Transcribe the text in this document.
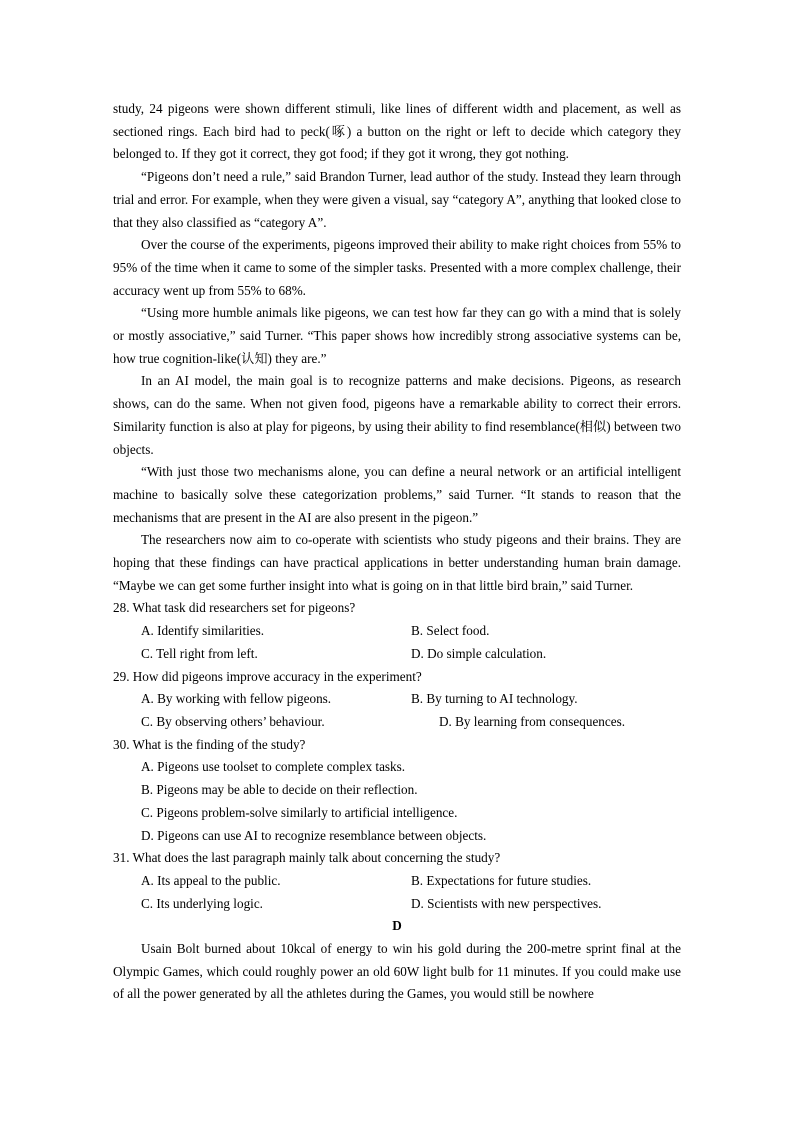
study, 24 pigeons were shown different stimuli, like lines of different width and placement, as well as sectioned rings. Each bird had to peck(啄) a button on the right or left to decide which category they belonged to. If they got it correct, they got food; if they got it wrong, they got nothing.

“Pigeons don’t need a rule,” said Brandon Turner, lead author of the study. Instead they learn through trial and error. For example, when they were given a visual, say “category A”, anything that looked close to that they also classified as “category A”.

Over the course of the experiments, pigeons improved their ability to make right choices from 55% to 95% of the time when it came to some of the simpler tasks. Presented with a more complex challenge, their accuracy went up from 55% to 68%.

“Using more humble animals like pigeons, we can test how far they can go with a mind that is solely or mostly associative,” said Turner. “This paper shows how incredibly strong associative systems can be, how true cognition-like(认知) they are.”

In an AI model, the main goal is to recognize patterns and make decisions. Pigeons, as research shows, can do the same. When not given food, pigeons have a remarkable ability to correct their errors. Similarity function is also at play for pigeons, by using their ability to find resemblance(相似) between two objects.

“With just those two mechanisms alone, you can define a neural network or an artificial intelligent machine to basically solve these categorization problems,” said Turner. “It stands to reason that the mechanisms that are present in the AI are also present in the pigeon.”

The researchers now aim to co-operate with scientists who study pigeons and their brains. They are hoping that these findings can have practical applications in better understanding human brain damage. “Maybe we can get some further insight into what is going on in that little bird brain,” said Turner.

28. What task did researchers set for pigeons?

A. Identify similarities.	B. Select food.
C. Tell right from left.	D. Do simple calculation.

29. How did pigeons improve accuracy in the experiment?

A. By working with fellow pigeons.	B. By turning to AI technology.
C. By observing others’ behaviour.	D. By learning from consequences.

30. What is the finding of the study?

A. Pigeons use toolset to complete complex tasks.
B. Pigeons may be able to decide on their reflection.
C. Pigeons problem-solve similarly to artificial intelligence.
D. Pigeons can use AI to recognize resemblance between objects.

31. What does the last paragraph mainly talk about concerning the study?

A. Its appeal to the public.	B. Expectations for future studies.
C. Its underlying logic.	D. Scientists with new perspectives.

D

Usain Bolt burned about 10kcal of energy to win his gold during the 200-metre sprint final at the Olympic Games, which could roughly power an old 60W light bulb for 11 minutes. If you could make use of all the power generated by all the athletes during the Games, you would still be nowhere
